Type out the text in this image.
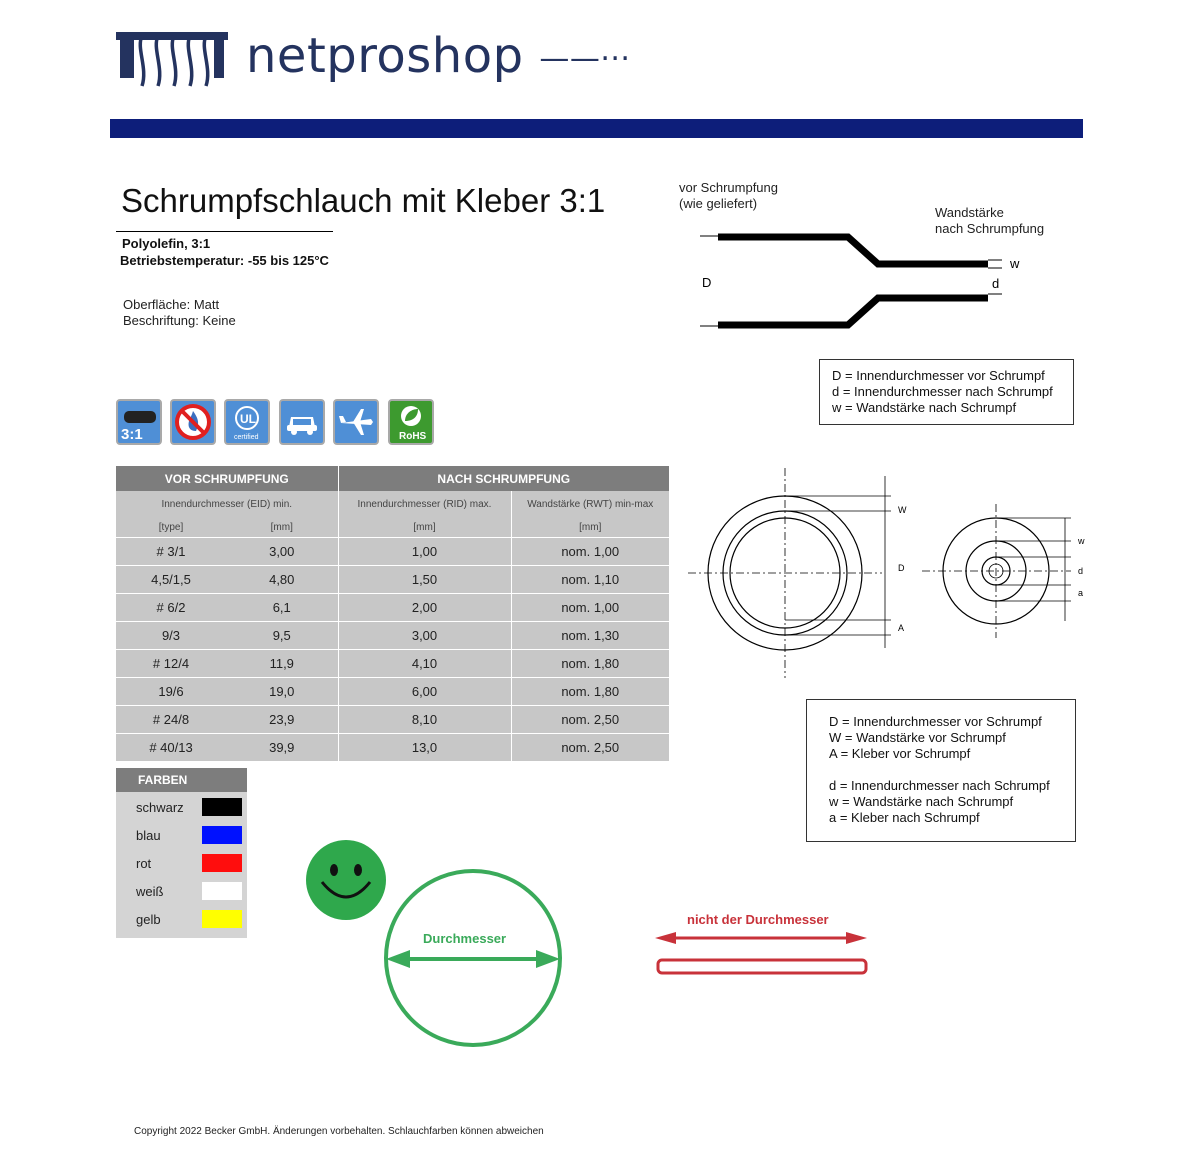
netproshop ——···
Schrumpfschlauch mit Kleber 3:1
Polyolefin, 3:1
Betriebstemperatur: -55 bis 125°C
Oberfläche: Matt
Beschriftung: Keine
3:1
UL
certified	RoHS
VOR SCHRUMPFUNG		NACH SCHRUMPFUNG	
Innendurchmesser (EID) min.		Innendurchmesser (RID) max.	Wandstärke (RWT) min-max
[type]	[mm]	[mm]	[mm]
# 3/1	3,00	1,00	nom. 1,00
4,5/1,5	4,80	1,50	nom. 1,10
# 6/2	6,1	2,00	nom. 1,00
9/3	9,5	3,00	nom. 1,30
# 12/4	11,9	4,10	nom. 1,80
19/6	19,0	6,00	nom. 1,80
# 24/8	23,9	8,10	nom. 2,50
# 40/13	39,9	13,0	nom. 2,50
FARBEN
schwarz
blau
rot
weiß
gelb
vor Schrumpfung
(wie geliefert)
Wandstärke
nach Schrumpfung
D	d
w
D = Innendurchmesser vor Schrumpf
d = Innendurchmesser nach Schrumpf
w = Wandstärke nach Schrumpf
W
D
A
w
d
a
D = Innendurchmesser vor Schrumpf
W = Wandstärke vor Schrumpf
A = Kleber vor Schrumpf
d = Innendurchmesser nach Schrumpf
w = Wandstärke nach Schrumpf
a = Kleber nach Schrumpf
Durchmesser
nicht der Durchmesser
Copyright 2022 Becker GmbH. Änderungen vorbehalten. Schlauchfarben können abweichen
